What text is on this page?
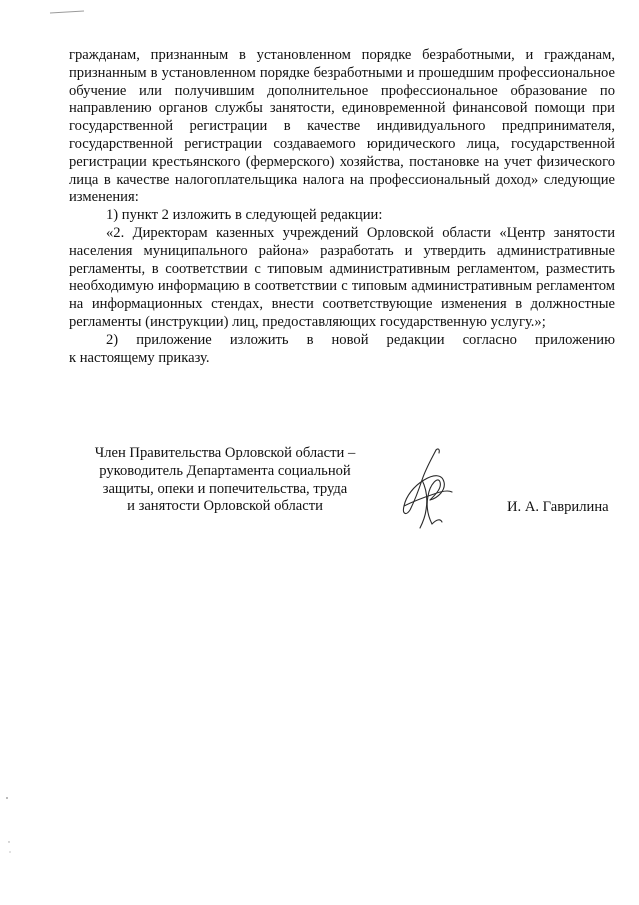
гражданам, признанным в установленном порядке безработными, и гражданам, признанным в установленном порядке безработными и прошедшим профессиональное обучение или получившим дополнительное профессиональное образование по направлению органов службы занятости, единовременной финансовой помощи при государственной регистрации в качестве индивидуального предпринимателя, государственной регистрации создаваемого юридического лица, государственной регистрации крестьянского (фермерского) хозяйства, постановке на учет физического лица в качестве налогоплательщика налога на профессиональный доход» следующие изменения:

1) пункт 2 изложить в следующей редакции:

«2. Директорам казенных учреждений Орловской области «Центр занятости населения муниципального района» разработать и утвердить административные регламенты, в соответствии с типовым административным регламентом, разместить необходимую информацию в соответствии с типовым административным регламентом на информационных стендах, внести соответствующие изменения в должностные регламенты (инструкции) лиц, предоставляющих государственную услугу.»;

2) приложение изложить в новой редакции согласно приложению

к настоящему приказу.

Член Правительства Орловской области –
руководитель Департамента социальной
защиты, опеки и попечительства, труда
и занятости Орловской области	И. А. Гаврилина
